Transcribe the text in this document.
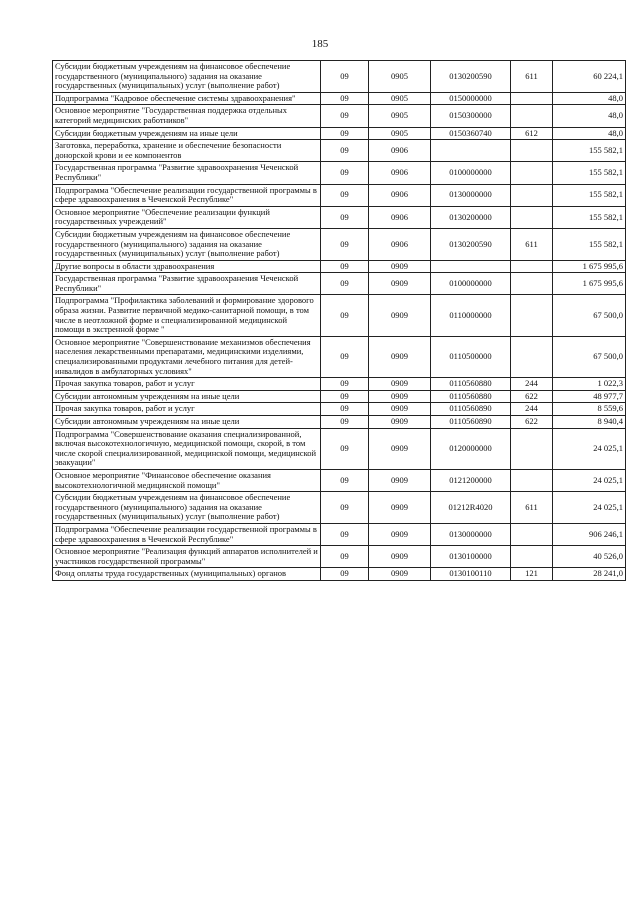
185
Субсидии бюджетным учреждениям на финансовое обеспечение государственного (муниципального) задания на оказание государственных (муниципальных) услуг (выполнение работ)	09	0905	0130200590	611	60 224,1
Подпрограмма "Кадровое обеспечение системы здравоохранения"	09	0905	0150000000		48,0
Основное мероприятие "Государственная поддержка отдельных категорий медицинских работников"	09	0905	0150300000		48,0
Субсидии бюджетным учреждениям на иные цели	09	0905	0150360740	612	48,0
Заготовка, переработка, хранение и обеспечение безопасности донорской крови и ее компонентов	09	0906			155 582,1
Государственная программа "Развитие здравоохранения Чеченской Республики"	09	0906	0100000000		155 582,1
Подпрограмма "Обеспечение реализации государственной программы в сфере здравоохранения в Чеченской Республике"	09	0906	0130000000		155 582,1
Основное мероприятие "Обеспечение реализации функций государственных учреждений"	09	0906	0130200000		155 582,1
Субсидии бюджетным учреждениям на финансовое обеспечение государственного (муниципального) задания на оказание государственных (муниципальных) услуг (выполнение работ)	09	0906	0130200590	611	155 582,1
Другие вопросы в области здравоохранения	09	0909			1 675 995,6
Государственная программа "Развитие здравоохранения Чеченской Республики"	09	0909	0100000000		1 675 995,6
Подпрограмма "Профилактика заболеваний и формирование здорового образа жизни. Развитие первичной медико-санитарной помощи, в том числе в неотложной форме и специализированной медицинской помощи в экстренной форме "	09	0909	0110000000		67 500,0
Основное мероприятие "Совершенствование механизмов обеспечения населения лекарственными препаратами, медицинскими изделиями, специализированными продуктами лечебного питания для детей-инвалидов в амбулаторных условиях"	09	0909	0110500000		67 500,0
Прочая закупка товаров, работ и услуг	09	0909	0110560880	244	1 022,3
Субсидии автономным учреждениям на иные цели	09	0909	0110560880	622	48 977,7
Прочая закупка товаров, работ и услуг	09	0909	0110560890	244	8 559,6
Субсидии автономным учреждениям на иные цели	09	0909	0110560890	622	8 940,4
Подпрограмма "Совершенствование оказания специализированной, включая высокотехнологичную, медицинской помощи, скорой, в том числе скорой специализированной, медицинской помощи, медицинской эвакуации"	09	0909	0120000000		24 025,1
Основное мероприятие "Финансовое обеспечение оказания высокотехнологичной медицинской помощи"	09	0909	0121200000		24 025,1
Субсидии бюджетным учреждениям на финансовое обеспечение государственного (муниципального) задания на оказание государственных (муниципальных) услуг (выполнение работ)	09	0909	01212R4020	611	24 025,1
Подпрограмма "Обеспечение реализации государственной программы в сфере здравоохранения в Чеченской Республике"	09	0909	0130000000		906 246,1
Основное мероприятие "Реализация функций аппаратов исполнителей и участников государственной программы"	09	0909	0130100000		40 526,0
Фонд оплаты труда государственных (муниципальных) органов	09	0909	0130100110	121	28 241,0
